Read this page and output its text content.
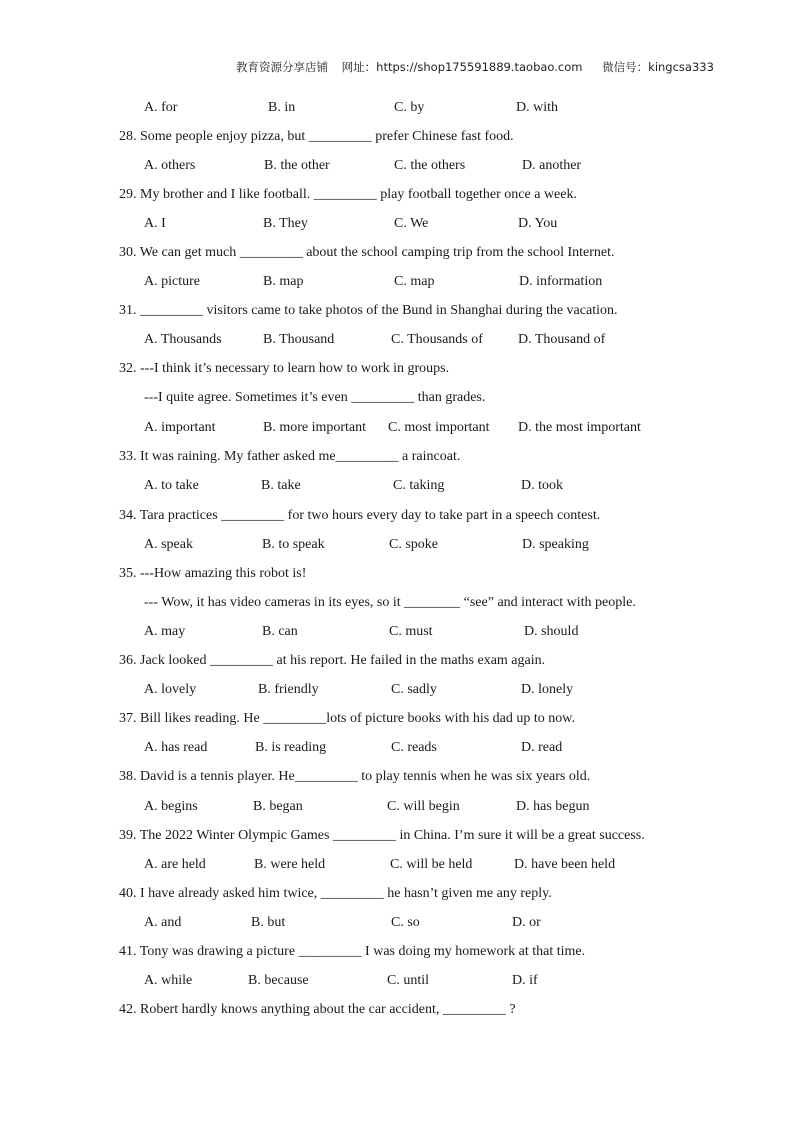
教育资源分享店铺 网址：https://shop175591889.taobao.com 微信号：kingcsa333
A. for	B. in	C. by	D. with
28. Some people enjoy pizza, but _________ prefer Chinese fast food.
A. others	B. the other	C. the others	D. another
29. My brother and I like football. _________ play football together once a week.
A. I	B. They	C. We	D. You
30. We can get much _________ about the school camping trip from the school Internet.
A. picture	B. map	C. map	D. information
31. _________ visitors came to take photos of the Bund in Shanghai during the vacation.
A. Thousands	B. Thousand	C. Thousands of	D. Thousand of
32. ---I think it’s necessary to learn how to work in groups.
---I quite agree. Sometimes it’s even _________ than grades.
A. important	B. more important C. most important D. the most important
33. It was raining. My father asked me_________ a raincoat.
A. to take	B. take	C. taking	D. took
34. Tara practices _________ for two hours every day to take part in a speech contest.
A. speak	B. to speak	C. spoke	D. speaking
35. ---How amazing this robot is!
--- Wow, it has video cameras in its eyes, so it ________ “see” and interact with people.
A. may	B. can	C. must	D. should
36. Jack looked _________ at his report. He failed in the maths exam again.
A. lovely	B. friendly	C. sadly	D. lonely
37. Bill likes reading. He _________lots of picture books with his dad up to now.
A. has read	B. is reading	C. reads	D. read
38. David is a tennis player. He_________ to play tennis when he was six years old.
A. begins	B. began	C. will begin	D. has begun
39. The 2022 Winter Olympic Games _________ in China. I’m sure it will be a great success.
A. are held	B. were held	C. will be held	D. have been held
40. I have already asked him twice, _________ he hasn’t given me any reply.
A. and	B. but	C. so	D. or
41. Tony was drawing a picture _________ I was doing my homework at that time.
A. while	B. because	C. until	D. if
42. Robert hardly knows anything about the car accident, _________ ?
